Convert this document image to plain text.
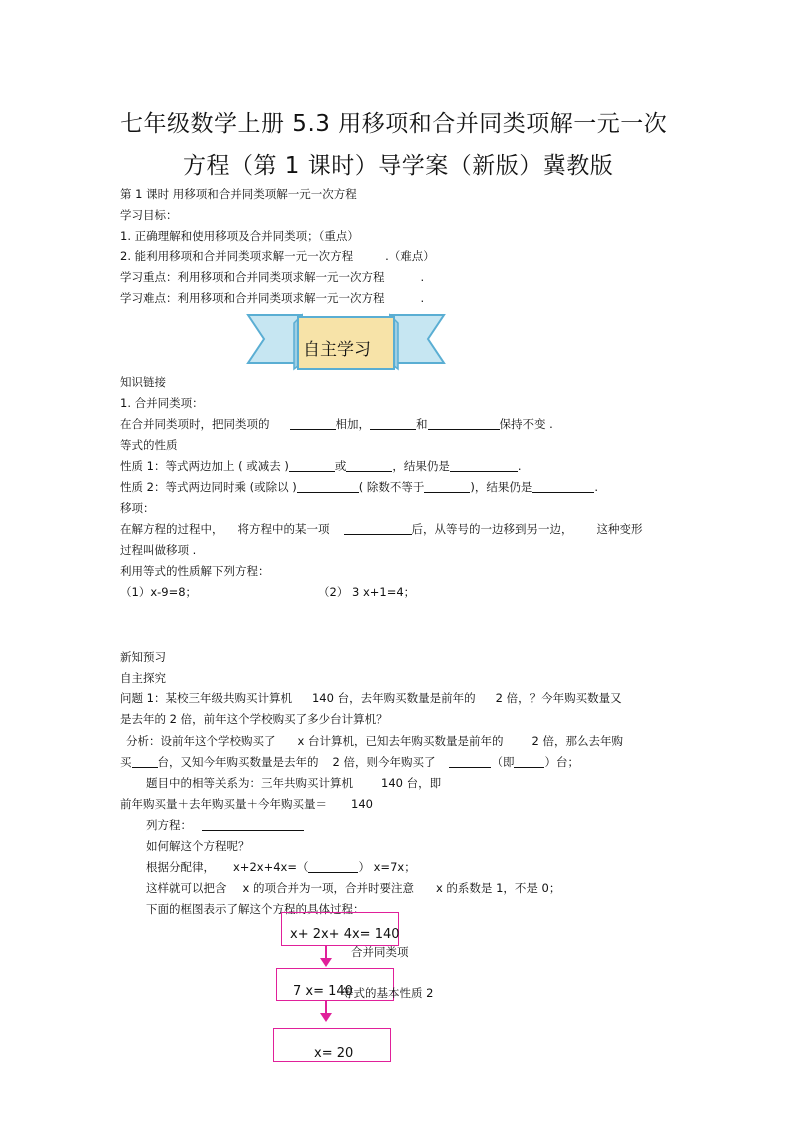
七年级数学上册 5.3 用移项和合并同类项解一元一次
方程（第 1 课时）导学案（新版）冀教版
第 1 课时 用移项和合并同类项解一元一次方程
学习目标：
1. 正确理解和使用移项及合并同类项；（重点）
2. 能利用移项和合并同类项求解一元一次方程	.（难点）
学习重点：利用移项和合并同类项求解一元一次方程	.
学习难点：利用移项和合并同类项求解一元一次方程	.
自主学习
知识链接
1. 合并同类项：
在合并同类项时，把同类项的	相加，	和	保持不变 .
等式的性质
性质 1：等式两边加上 ( 或减去 )	或	，结果仍是	.
性质 2：等式两边同时乘 (或除以 )	( 除数不等于	)，结果仍是	.
移项：
在解方程的过程中， 将方程中的某一项	后，从等号的一边移到另一边， 这种变形
过程叫做移项 .
利用等式的性质解下列方程：
（1）x-9=8；	（2） 3 x+1=4；
新知预习
自主探究
问题 1：某校三年级共购买计算机 140 台，去年购买数量是前年的 2 倍，？今年购买数量又
是去年的 2 倍，前年这个学校购买了多少台计算机？
分析：设前年这个学校购买了 x 台计算机，已知去年购买数量是前年的 2 倍，那么去年购
买 台，又知今年购买数量是去年的 2 倍，则今年购买了	（即	）台；
题目中的相等关系为：三年共购买计算机 140 台，即
前年购买量＋去年购买量＋今年购买量＝ 140
列方程：
如何解这个方程呢？
根据分配律， x+2x+4x=（	） x=7x；
这样就可以把含 x 的项合并为一项，合并时要注意 x 的系数是 1，不是 0；
下面的框图表示了解这个方程的具体过程：
x+ 2x+ 4x= 140
合并同类项
7 x= 140
等式的基本性质 2
x= 20
